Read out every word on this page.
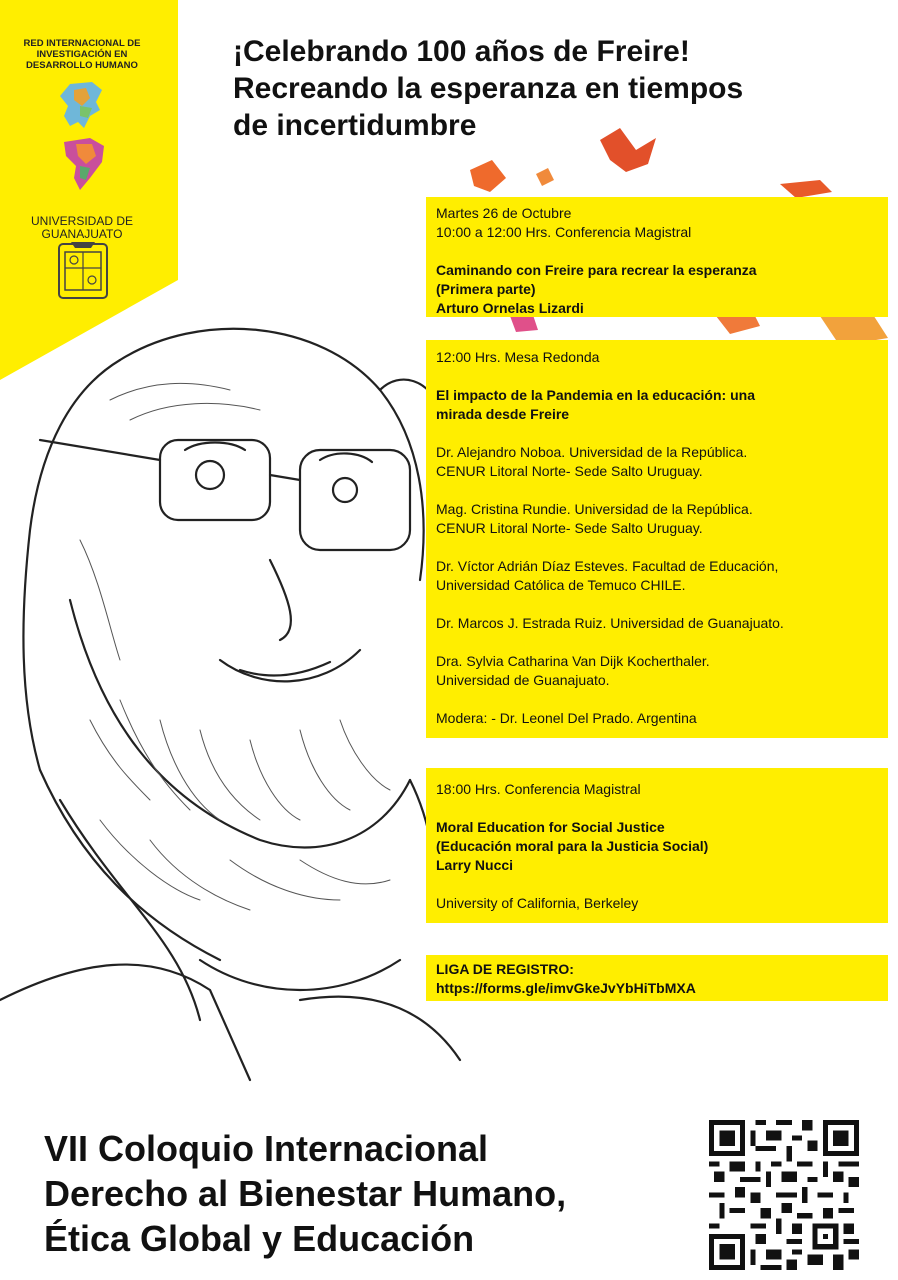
RED INTERNACIONAL DE INVESTIGACIÓN EN DESARROLLO HUMANO
UNIVERSIDAD DE GUANAJUATO
¡Celebrando 100 años de Freire!
Recreando la esperanza en tiempos
de incertidumbre
Martes 26 de Octubre
10:00 a 12:00 Hrs. Conferencia Magistral
Caminando con Freire para recrear la esperanza
(Primera parte)
Arturo Ornelas Lizardi
12:00 Hrs. Mesa Redonda
El impacto de la Pandemia en la educación: una
mirada desde Freire
Dr. Alejandro Noboa. Universidad de la República.
CENUR Litoral Norte- Sede Salto Uruguay.
Mag. Cristina Rundie. Universidad de la República.
CENUR Litoral Norte- Sede Salto Uruguay.
Dr. Víctor Adrián Díaz Esteves. Facultad de Educación,
Universidad Católica de Temuco CHILE.
Dr. Marcos J. Estrada Ruiz. Universidad de Guanajuato.
Dra. Sylvia Catharina Van Dijk Kocherthaler.
Universidad de Guanajuato.
Modera: - Dr. Leonel Del Prado. Argentina
18:00 Hrs. Conferencia Magistral
Moral Education for Social Justice
(Educación moral para la Justicia Social)
Larry Nucci
University of California, Berkeley
LIGA DE REGISTRO:
https://forms.gle/imvGkeJvYbHiTbMXA
VII Coloquio Internacional
Derecho al Bienestar Humano,
Ética Global y Educación
